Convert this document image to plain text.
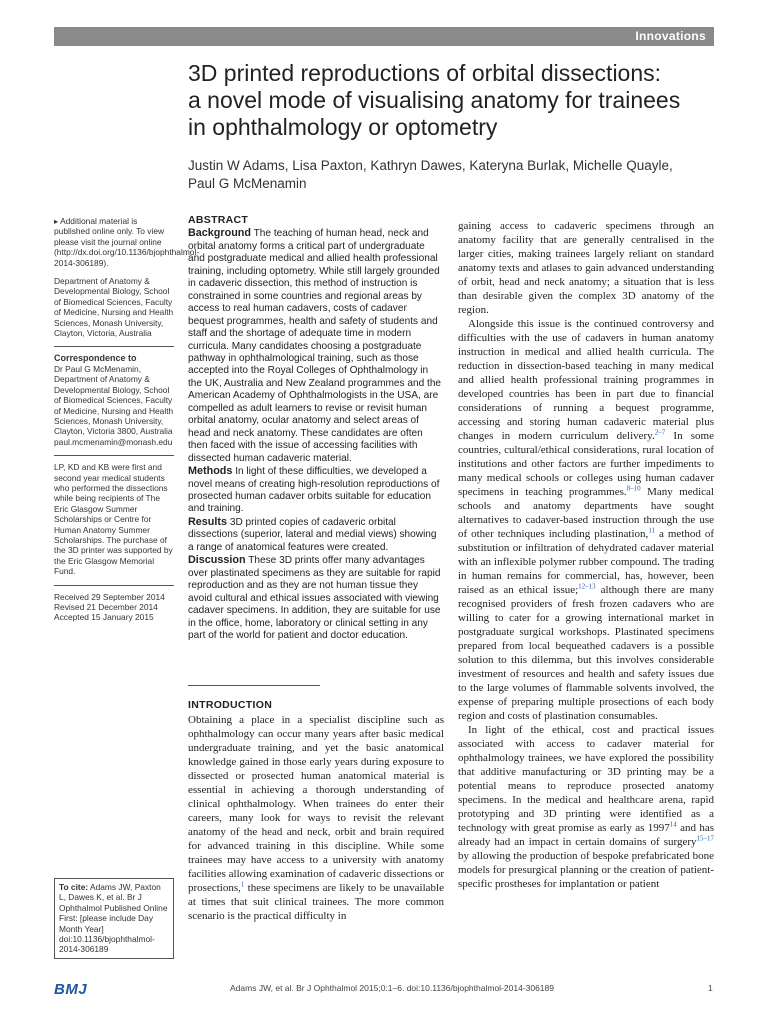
Innovations
3D printed reproductions of orbital dissections:
a novel mode of visualising anatomy for trainees
in ophthalmology or optometry
Justin W Adams, Lisa Paxton, Kathryn Dawes, Kateryna Burlak, Michelle Quayle,
Paul G McMenamin
▸ Additional material is published online only. To view please visit the journal online (http://dx.doi.org/10.1136/bjophthalmol-2014-306189).
Department of Anatomy & Developmental Biology, School of Biomedical Sciences, Faculty of Medicine, Nursing and Health Sciences, Monash University, Clayton, Victoria, Australia
Correspondence to
Dr Paul G McMenamin, Department of Anatomy & Developmental Biology, School of Biomedical Sciences, Faculty of Medicine, Nursing and Health Sciences, Monash University, Clayton, Victoria 3800, Australia
paul.mcmenamin@monash.edu
LP, KD and KB were first and second year medical students who performed the dissections while being recipients of The Eric Glasgow Summer Scholarships or Centre for Human Anatomy Summer Scholarships. The purchase of the 3D printer was supported by the Eric Glasgow Memorial Fund.
Received 29 September 2014
Revised 21 December 2014
Accepted 15 January 2015
To cite: Adams JW, Paxton L, Dawes K, et al. Br J Ophthalmol Published Online First: [please include Day Month Year] doi:10.1136/bjophthalmol-2014-306189
ABSTRACT

Background The teaching of human head, neck and orbital anatomy forms a critical part of undergraduate and postgraduate medical and allied health professional training, including optometry. While still largely grounded in cadaveric dissection, this method of instruction is constrained in some countries and regional areas by access to real human cadavers, costs of cadaver bequest programmes, health and safety of students and staff and the shortage of adequate time in modern curricula. Many candidates choosing a postgraduate pathway in ophthalmological training, such as those accepted into the Royal Colleges of Ophthalmology in the UK, Australia and New Zealand programmes and the American Academy of Ophthalmologists in the USA, are compelled as adult learners to revise or revisit human orbital anatomy, ocular anatomy and select areas of head and neck anatomy. These candidates are often then faced with the issue of accessing facilities with dissected human cadaveric material.

Methods In light of these difficulties, we developed a novel means of creating high-resolution reproductions of prosected human cadaver orbits suitable for education and training.

Results 3D printed copies of cadaveric orbital dissections (superior, lateral and medial views) showing a range of anatomical features were created.

Discussion These 3D prints offer many advantages over plastinated specimens as they are suitable for rapid reproduction and as they are not human tissue they avoid cultural and ethical issues associated with viewing cadaver specimens. In addition, they are suitable for use in the office, home, laboratory or clinical setting in any part of the world for patient and doctor education.

INTRODUCTION

Obtaining a place in a specialist discipline such as ophthalmology can occur many years after basic medical undergraduate training, and yet the basic anatomical knowledge gained in those early years during exposure to dissected or prosected human anatomical material is essential in achieving a thorough understanding of clinical ophthalmology. When trainees do enter their careers, many look for ways to revisit the relevant anatomy of the head and neck, orbit and brain required for advanced training in this discipline. While some trainees may have access to a university with anatomy facilities allowing examination of cadaveric dissections or prosections,$^1$ these specimens are likely to be unavailable at times that suit clinical trainees. The more common scenario is the practical difficulty in

gaining access to cadaveric specimens through an anatomy facility that are generally centralised in the larger cities, making trainees largely reliant on standard anatomy texts and atlases to gain advanced understanding of orbit, head and neck anatomy; a situation that is less than desirable given the complex 3D anatomy of the region.

Alongside this issue is the continued controversy and difficulties with the use of cadavers in human anatomy instruction in medical and allied health curricula. The reduction in dissection-based teaching in many medical and allied health professional training programmes in developed countries has been in part due to financial considerations of running a bequest programme, accessing and storing human cadaveric material plus changes in modern curriculum delivery.$^{2-7}$ In some countries, cultural/ethical considerations, rural location of institutions and other factors are further impediments to many medical schools or colleges using human cadaver specimens in teaching programmes.$^{8-10}$ Many medical schools and anatomy departments have sought alternatives to cadaver-based instruction through the use of other techniques including plastination,$^{11}$ a method of substitution or infiltration of dehydrated cadaver material with an inflexible polymer rubber compound. The trading in human remains for commercial, has, however, been raised as an ethical issue;$^{12-13}$ although there are many recognised providers of fresh frozen cadavers who are willing to cater for a growing international market in postgraduate surgical workshops. Plastinated specimens prepared from local bequeathed cadavers is a possible solution to this dilemma, but this involves considerable investment of resources and health and safety issues due to the large volumes of flammable solvents involved, the expense of preparing multiple prosections of each body region and costs of plastination consumables.

In light of the ethical, cost and practical issues associated with access to cadaver material for ophthalmology trainees, we have explored the possibility that additive manufacturing or 3D printing may be a potential means to reproduce prosected anatomy specimens. In the medical and healthcare arena, rapid prototyping and 3D printing were identified as a technology with great promise as early as 1997$^{14}$ and has already had an impact in certain domains of surgery$^{15-17}$ by allowing the production of bespoke prefabricated bone models for presurgical planning or the creation of patient-specific prostheses for implantation or patient

BMJ	Adams JW, et al. Br J Ophthalmol 2015;0:1–6. doi:10.1136/bjophthalmol-2014-306189	1
